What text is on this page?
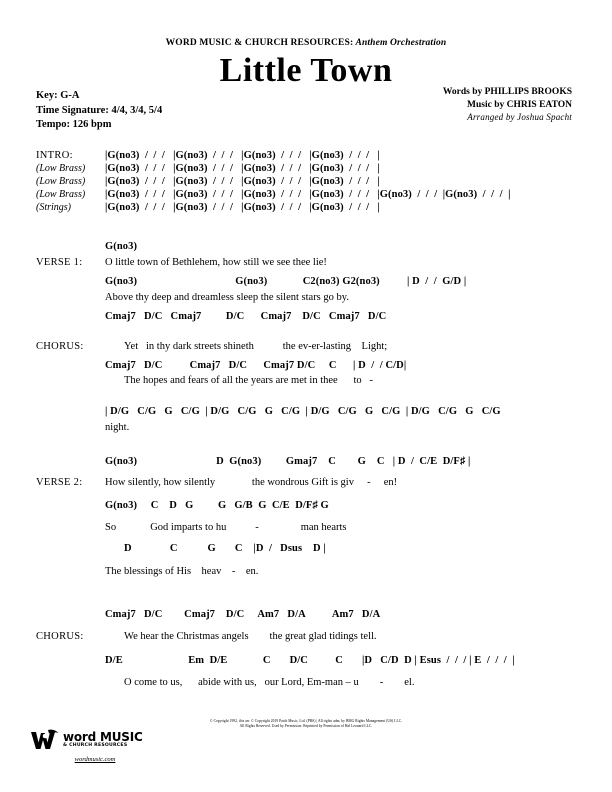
WORD MUSIC & CHURCH RESOURCES: Anthem Orchestration
Little Town
Key: G-A
Time Signature: 4/4, 3/4, 5/4
Tempo: 126 bpm
Words by PHILLIPS BROOKS
Music by CHRIS EATON
Arranged by Joshua Spacht
INTRO:	|G(no3)  /  /  /   |G(no3)  /  /  /   |G(no3)  /  /  /   |G(no3)  /  /  /   |
(Low Brass) |G(no3)  /  /  /   |G(no3)  /  /  /   |G(no3)  /  /  /   |G(no3)  /  /  /   |
(Low Brass) |G(no3)  /  /  /   |G(no3)  /  /  /   |G(no3)  /  /  /   |G(no3)  /  /  /   |
(Low Brass) |G(no3)  /  /  /   |G(no3)  /  /  /   |G(no3)  /  /  /   |G(no3)  /  /  /   |G(no3)  /  /  /  |G(no3)  /  /  /  |
(Strings)	|G(no3)  /  /  /   |G(no3)  /  /  /   |G(no3)  /  /  /   |G(no3)  /  /  /   |
G(no3)
VERSE 1: O little town of Bethlehem, how still we see thee lie!
G(no3)                                    G(no3)             C2(no3) G2(no3)          | D  /  /  G/D |
Above thy deep and dreamless sleep the silent stars go by.
Cmaj7   D/C   Cmaj7         D/C      Cmaj7    D/C   Cmaj7   D/C
CHORUS:	Yet   in thy dark streets shineth           the ev-er-lasting    Light;
Cmaj7   D/C          Cmaj7   D/C      Cmaj7 D/C     C      | D  /  / C/D|
The hopes and fears of all the years are met in thee      to   -
| D/G   C/G   G   C/G  | D/G   C/G   G   C/G  | D/G   C/G   G   C/G  | D/G   C/G   G   C/G
night.
G(no3)                             D  G(no3)         Gmaj7    C        G    C   | D  /  C/E  D/F♯ |
VERSE 2: How silently, how silently              the wondrous Gift is giv     -     en!
G(no3)     C    D   G         G   G/B  G  C/E  D/F♯ G
So             God imparts to hu           -                man hearts
D              C           G       C    |D  /   Dsus    D |
The blessings of His    heav    -    en.
Cmaj7   D/C        Cmaj7    D/C     Am7   D/A          Am7   D/A
CHORUS:	We hear the Christmas angels        the great glad tidings tell.
D/E                        Em  D/E             C       D/C          C       |D   C/D  D | Esus  /  /  / | E  /  /  /  |
O come to us,      abide with us,   our Lord, Em-man – u        -        el.
© Copyright 1992, this arr. © Copyright 2019 Patch Music, Ltd. (PRS) | All rights adm. by BMG Rights Management (US) LLC.
All Rights Reserved. Used by Permission. Reprinted by Permission of Hal Leonard LLC.
word MUSIC
& CHURCH RESOURCES
wordmusic.com
